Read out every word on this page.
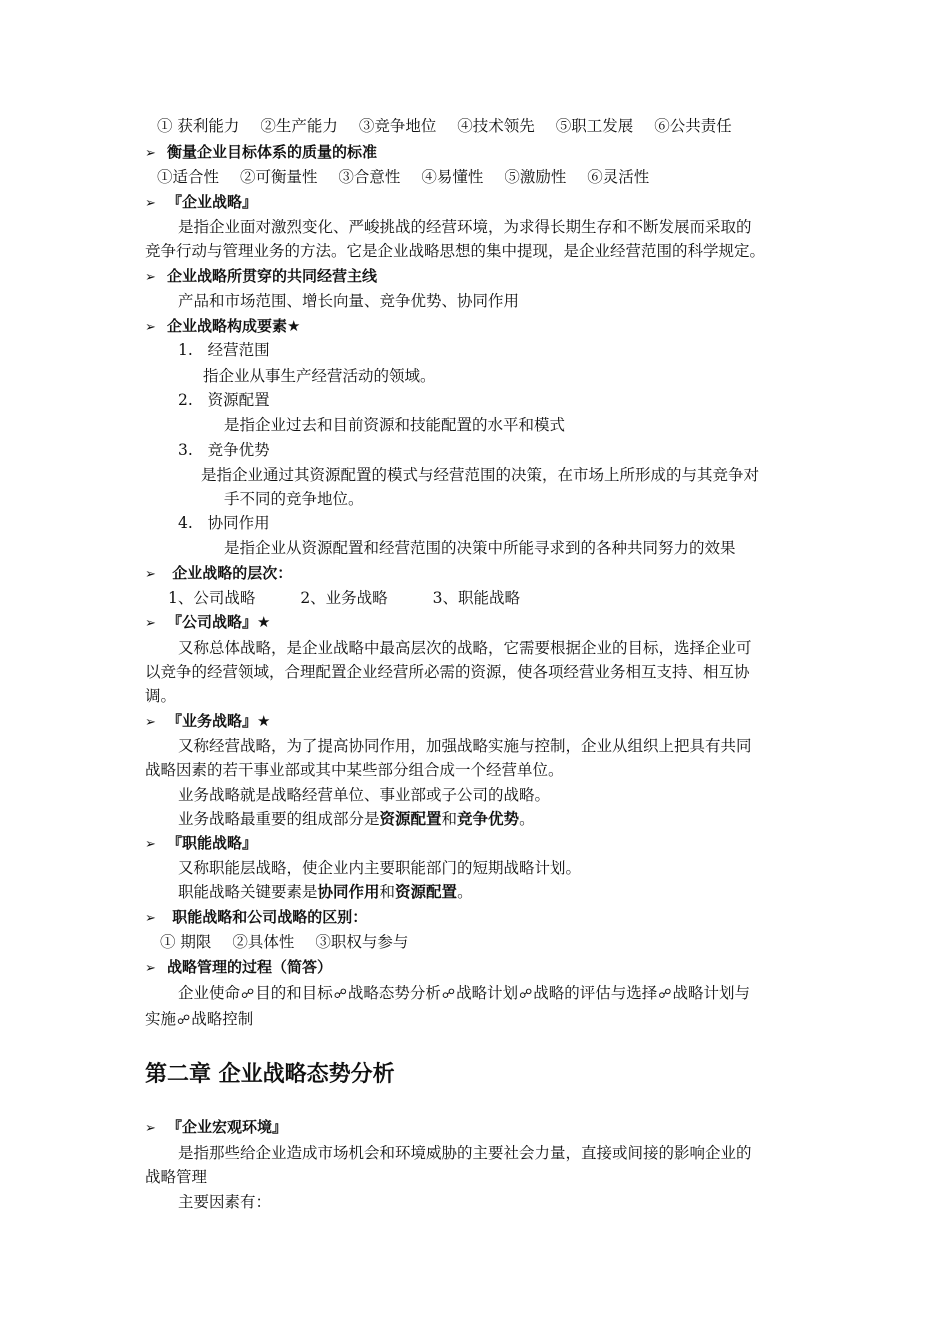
① 获利能力 ②生产能力 ③竞争地位 ④技术领先 ⑤职工发展 ⑥公共责任
➢ 衡量企业目标体系的质量的标准
①适合性 ②可衡量性 ③合意性 ④易懂性 ⑤激励性 ⑥灵活性
➢ 『企业战略』
是指企业面对激烈变化、严峻挑战的经营环境，为求得长期生存和不断发展而采取的
竞争行动与管理业务的方法。它是企业战略思想的集中提现，是企业经营范围的科学规定。
➢ 企业战略所贯穿的共同经营主线
产品和市场范围、增长向量、竞争优势、协同作用
➢ 企业战略构成要素★
1. 经营范围
指企业从事生产经营活动的领域。
2. 资源配置
是指企业过去和目前资源和技能配置的水平和模式
3. 竞争优势
是指企业通过其资源配置的模式与经营范围的决策，在市场上所形成的与其竞争对
手不同的竞争地位。
4. 协同作用
是指企业从资源配置和经营范围的决策中所能寻求到的各种共同努力的效果
➢ 企业战略的层次：
1、公司战略	2、业务战略	3、职能战略
➢ 『公司战略』★
又称总体战略，是企业战略中最高层次的战略，它需要根据企业的目标，选择企业可
以竞争的经营领域，合理配置企业经营所必需的资源，使各项经营业务相互支持、相互协
调。
➢ 『业务战略』★
又称经营战略，为了提高协同作用，加强战略实施与控制，企业从组织上把具有共同
战略因素的若干事业部或其中某些部分组合成一个经营单位。
业务战略就是战略经营单位、事业部或子公司的战略。
业务战略最重要的组成部分是资源配置和竞争优势。
➢ 『职能战略』
又称职能层战略，使企业内主要职能部门的短期战略计划。
职能战略关键要素是协同作用和资源配置。
➢ 职能战略和公司战略的区别：
① 期限 ②具体性 ③职权与参与
➢ 战略管理的过程（简答）
企业使命☍目的和目标☍战略态势分析☍战略计划☍战略的评估与选择☍战略计划与
实施☍战略控制
第二章 企业战略态势分析
➢ 『企业宏观环境』
是指那些给企业造成市场机会和环境威胁的主要社会力量，直接或间接的影响企业的
战略管理
主要因素有：
